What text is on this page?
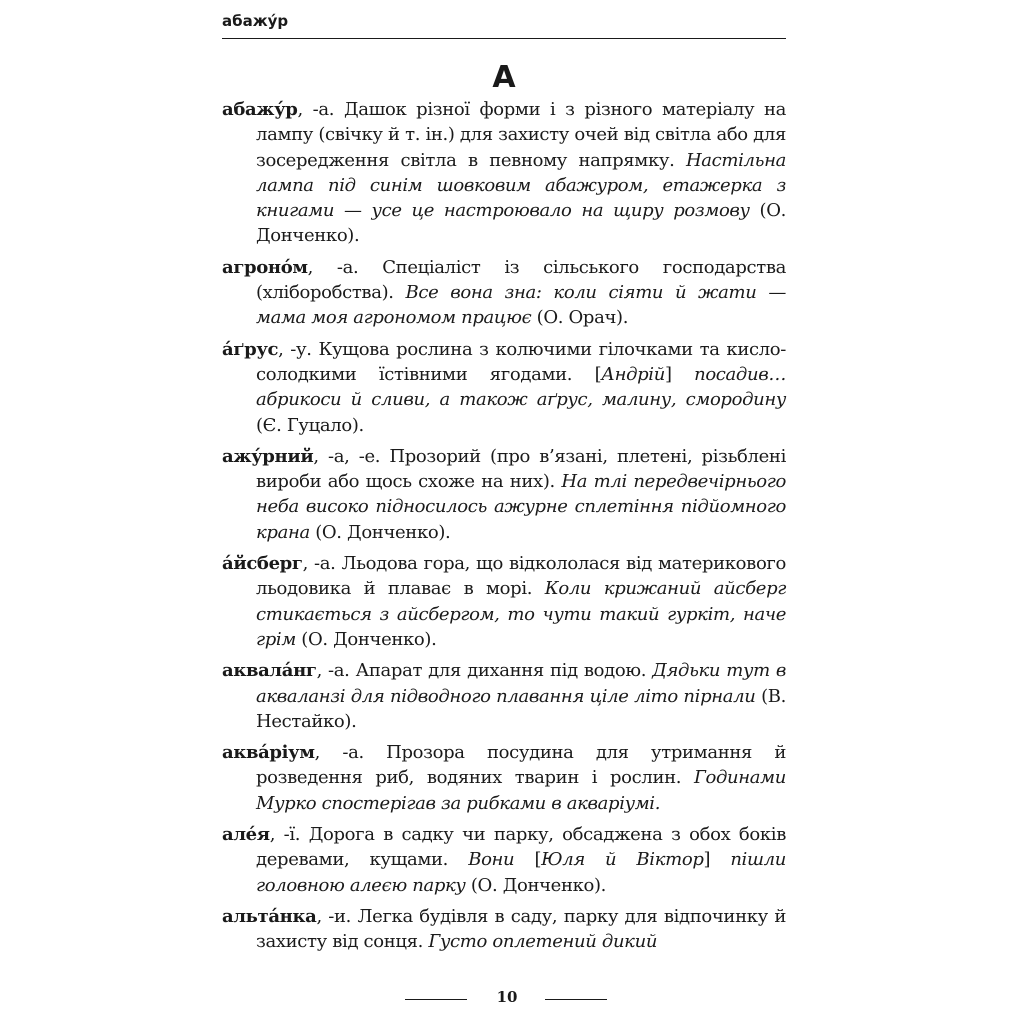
абажу́р
А

абажу́р, -а. Дашок різної форми і з різного матеріалу на лампу (свічку й т. ін.) для захисту очей від світла або для зосередження світла в певному напрямку. Настільна лампа під синім шовковим абажуром, етажерка з книгами — усе це настроювало на щиру розмову (О. Донченко).

агроно́м, -а. Спеціаліст із сільського господарства (хліборобства). Все вона зна: коли сіяти й жати — мама моя агрономом працює (О. Орач).

а́ґрус, -у. Кущова рослина з колючими гілочками та кисло-солодкими їстівними ягодами. [Андрій] посадив… абрикоси й сливи, а також аґрус, малину, смородину (Є. Гуцало).

ажу́рний, -а, -е. Прозорий (про в’язані, плетені, різьблені вироби або щось схоже на них). На тлі передвечірнього неба високо підносилось ажурне сплетіння підйомного крана (О. Донченко).

а́йсберг, -а. Льодова гора, що відкололася від материкового льодовика й плаває в морі. Коли крижаний айсберг стикається з айсбергом, то чути такий гуркіт, наче грім (О. Донченко).

аквала́нг, -а. Апарат для дихання під водою. Дядьки тут в акваланзі для підводного плавання ціле літо пірнали (В. Нестайко).

аква́ріум, -а. Прозора посудина для утримання й розведення риб, водяних тварин і рослин. Годинами Мурко спостерігав за рибками в акваріумі.

але́я, -ї. Дорога в садку чи парку, обсаджена з обох боків деревами, кущами. Вони [Юля й Віктор] пішли головною алеєю парку (О. Донченко).

альта́нка, -и. Легка будівля в саду, парку для відпочинку й захисту від сонця. Густо оплетений дикий

10
